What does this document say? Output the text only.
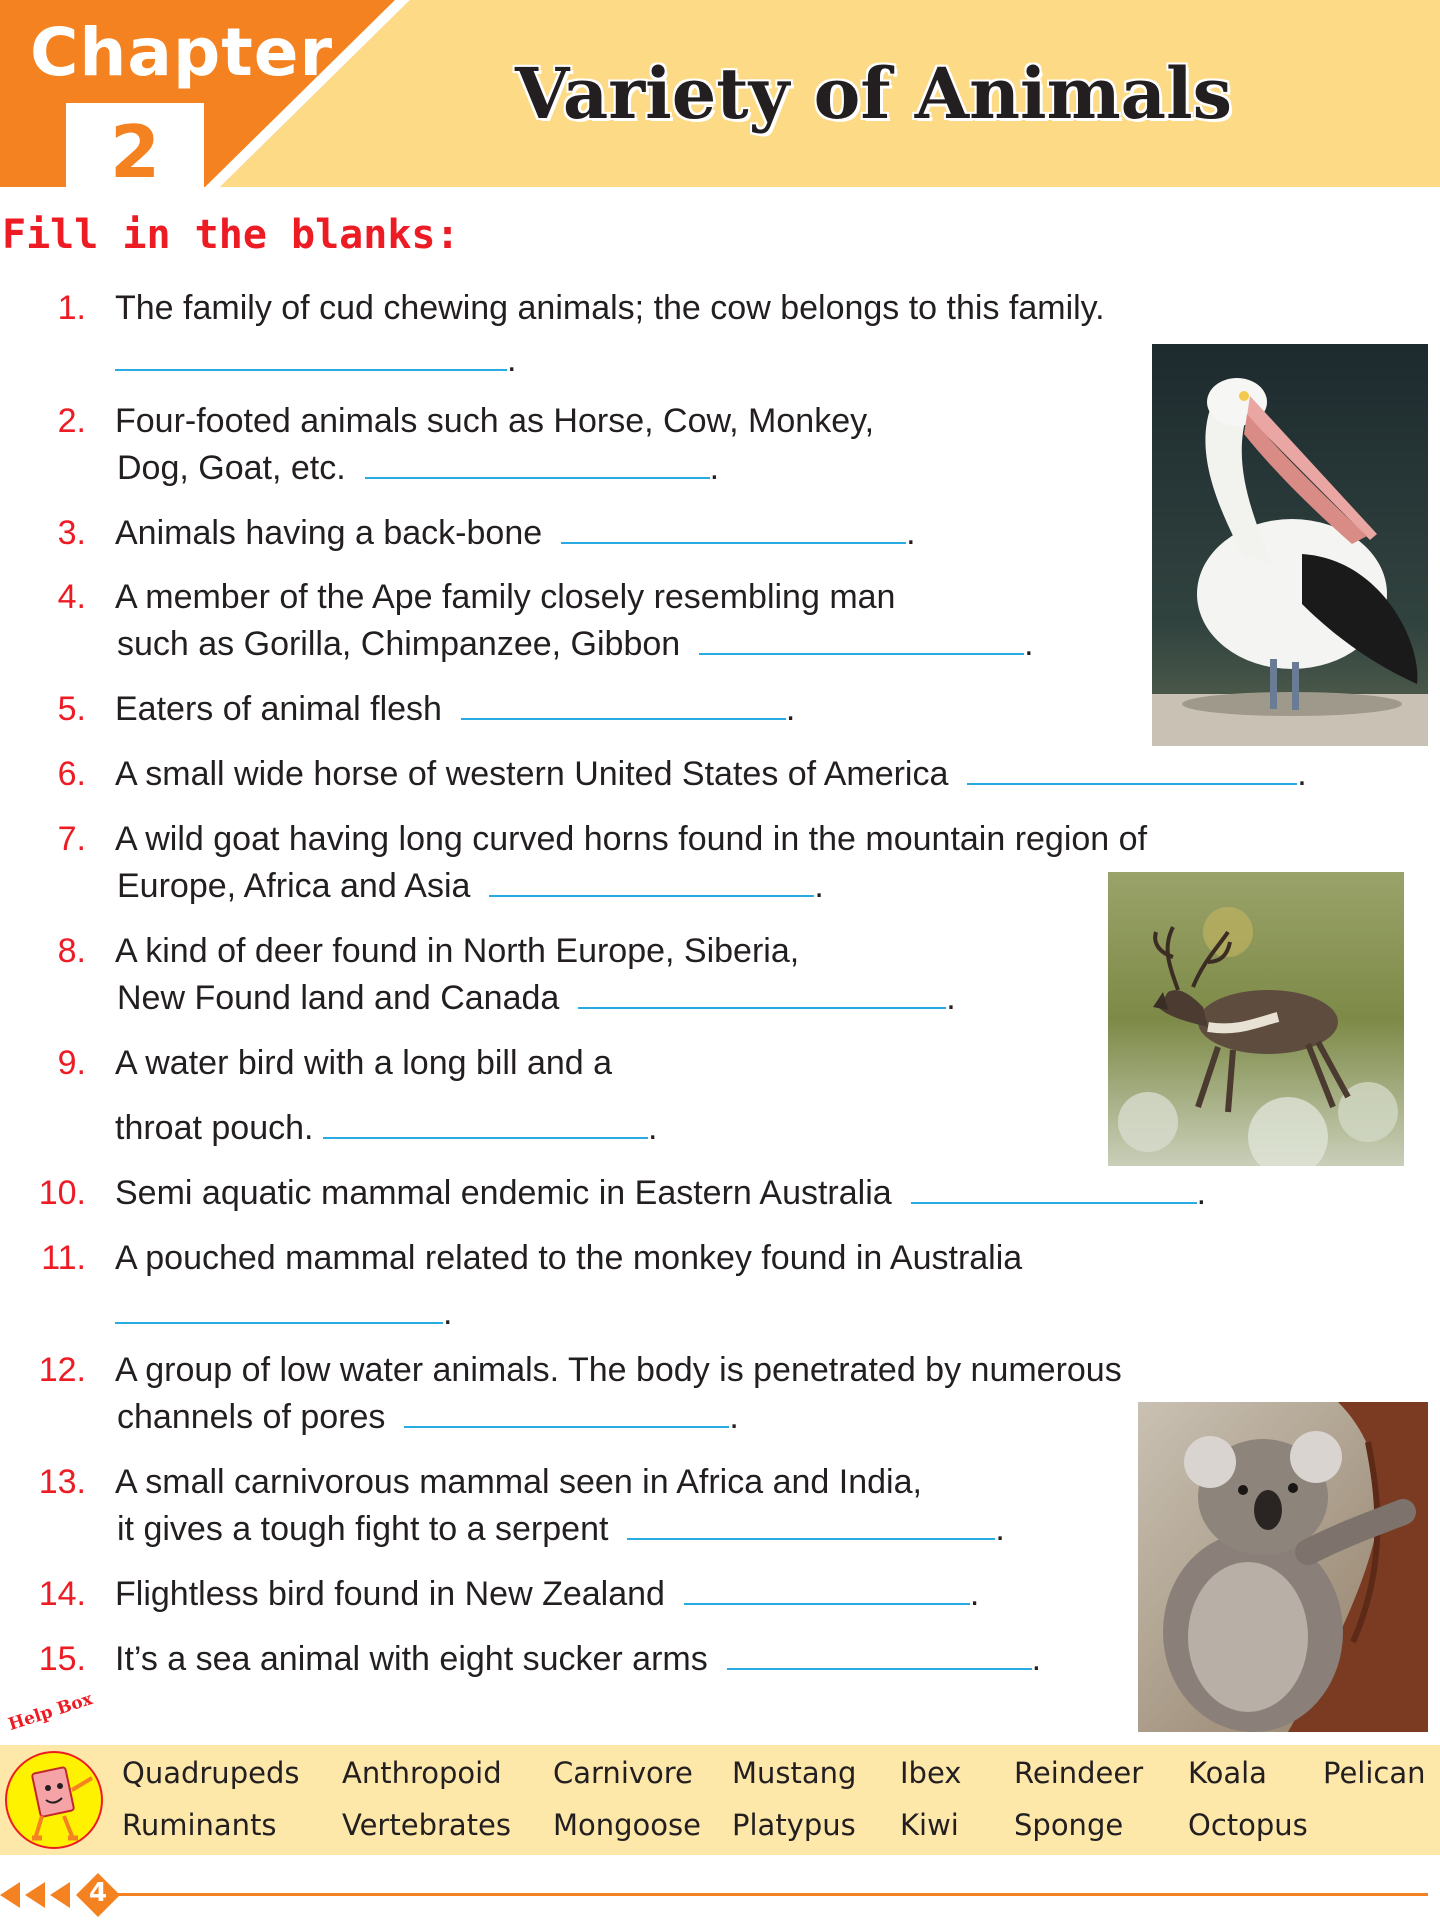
Chapter
2
Variety of Animals
Fill in the blanks:
1. The family of cud chewing animals; the cow belongs to this family.
.
2. Four-footed animals such as Horse, Cow, Monkey,
Dog, Goat, etc.	.
3. Animals having a back-bone	.
4. A member of the Ape family closely resembling man
such as Gorilla, Chimpanzee, Gibbon	.
5. Eaters of animal flesh	.
6. A small wide horse of western United States of America	.
7. A wild goat having long curved horns found in the mountain region of
Europe, Africa and Asia	.
8. A kind of deer found in North Europe, Siberia,
New Found land and Canada	.
9. A water bird with a long bill and a
throat pouch.	.
10. Semi aquatic mammal endemic in Eastern Australia	.
11. A pouched mammal related to the monkey found in Australia
.
12. A group of low water animals. The body is penetrated by numerous
channels of pores	.
13. A small carnivorous mammal seen in Africa and India,
it gives a tough fight to a serpent	.
14. Flightless bird found in New Zealand	.
15. It’s a sea animal with eight sucker arms	.
Help Box
Quadrupeds Anthropoid Carnivore Mustang Ibex Reindeer Koala Pelican
Ruminants Vertebrates Mongoose Platypus Kiwi Sponge Octopus
4
